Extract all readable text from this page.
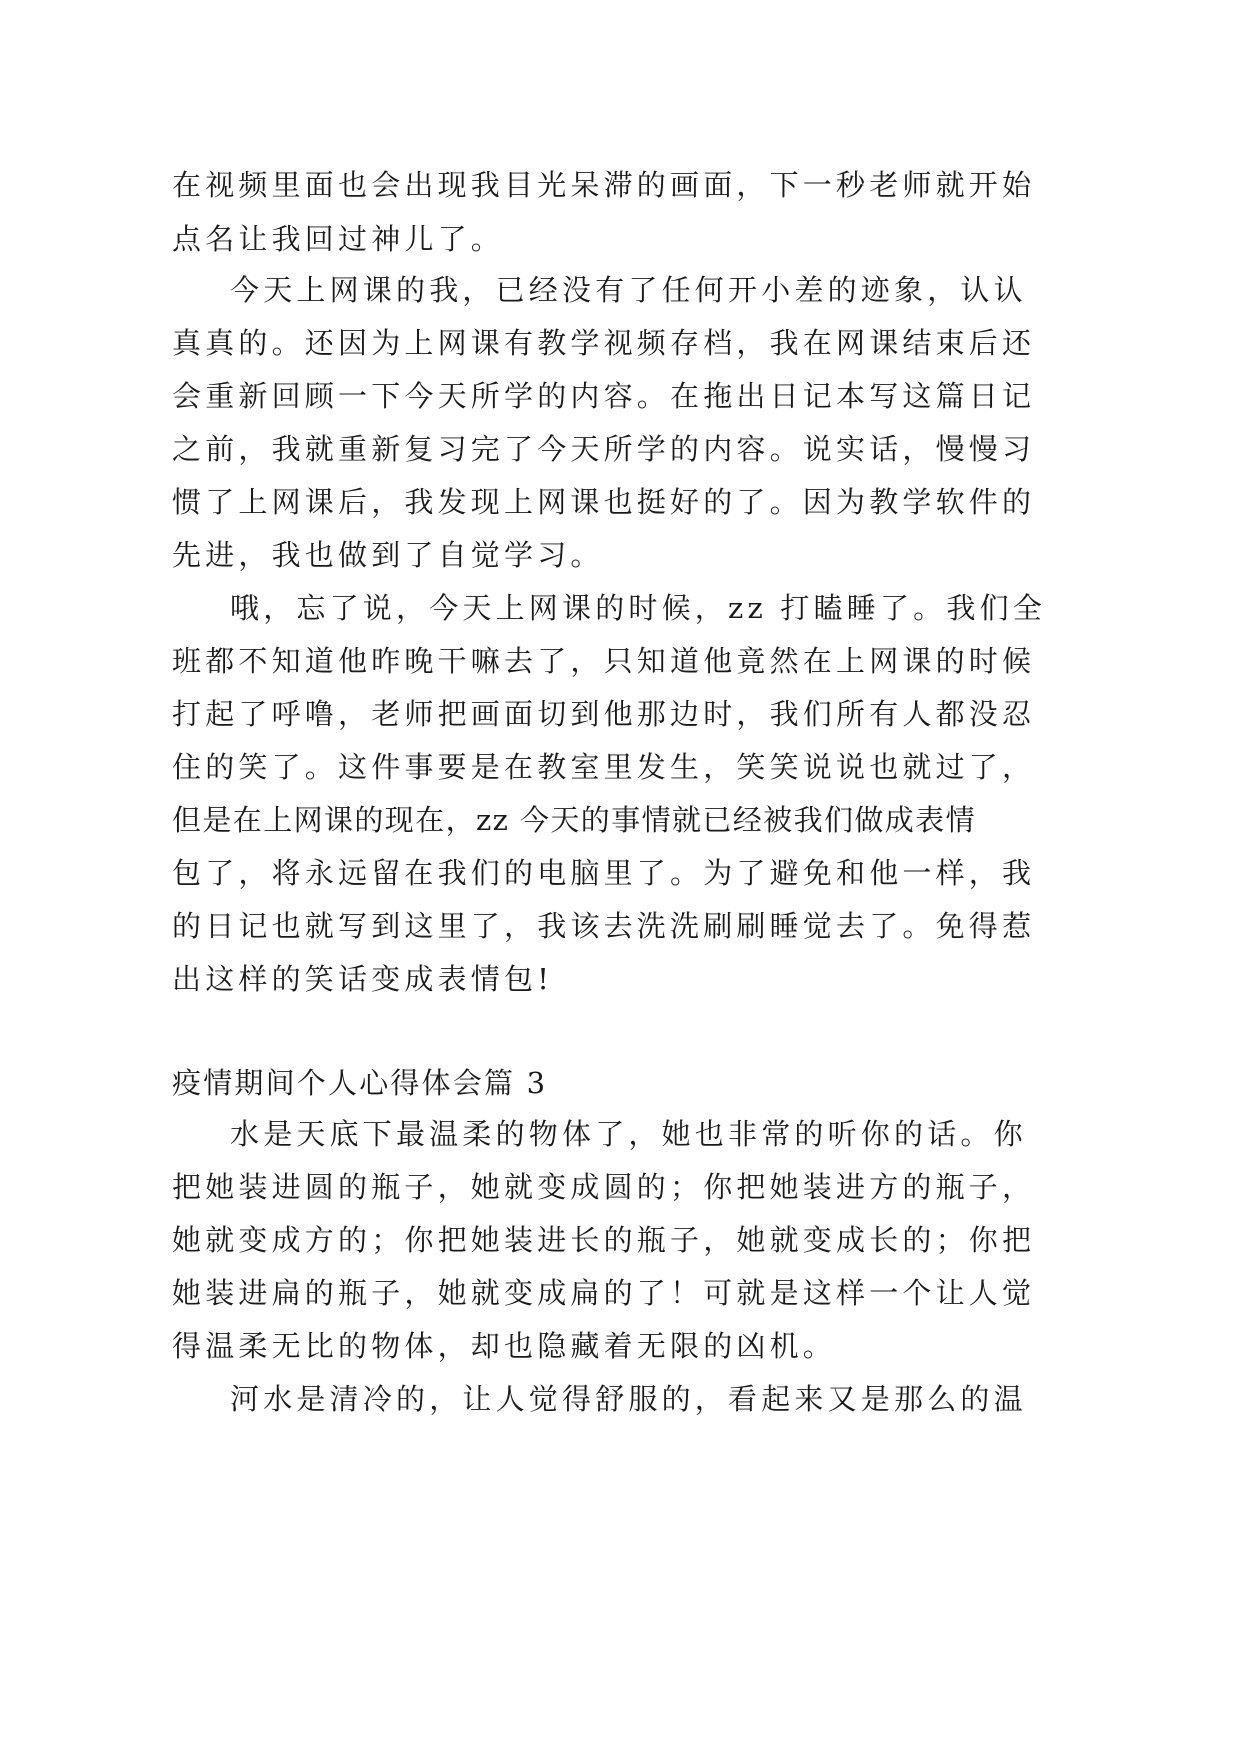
在视频里面也会出现我目光呆滞的画面，下一秒老师就开始
点名让我回过神儿了。
今天上网课的我，已经没有了任何开小差的迹象，认认
真真的。还因为上网课有教学视频存档，我在网课结束后还
会重新回顾一下今天所学的内容。在拖出日记本写这篇日记
之前，我就重新复习完了今天所学的内容。说实话，慢慢习
惯了上网课后，我发现上网课也挺好的了。因为教学软件的
先进，我也做到了自觉学习。
哦，忘了说，今天上网课的时候，zz 打瞌睡了。我们全
班都不知道他昨晚干嘛去了，只知道他竟然在上网课的时候
打起了呼噜，老师把画面切到他那边时，我们所有人都没忍
住的笑了。这件事要是在教室里发生，笑笑说说也就过了，
但是在上网课的现在，zz 今天的事情就已经被我们做成表情
包了，将永远留在我们的电脑里了。为了避免和他一样，我
的日记也就写到这里了，我该去洗洗刷刷睡觉去了。免得惹
出这样的笑话变成表情包!
疫情期间个人心得体会篇 3
水是天底下最温柔的物体了，她也非常的听你的话。你
把她装进圆的瓶子，她就变成圆的；你把她装进方的瓶子，
她就变成方的；你把她装进长的瓶子，她就变成长的；你把
她装进扁的瓶子，她就变成扁的了！可就是这样一个让人觉
得温柔无比的物体，却也隐藏着无限的凶机。
河水是清冷的，让人觉得舒服的，看起来又是那么的温
